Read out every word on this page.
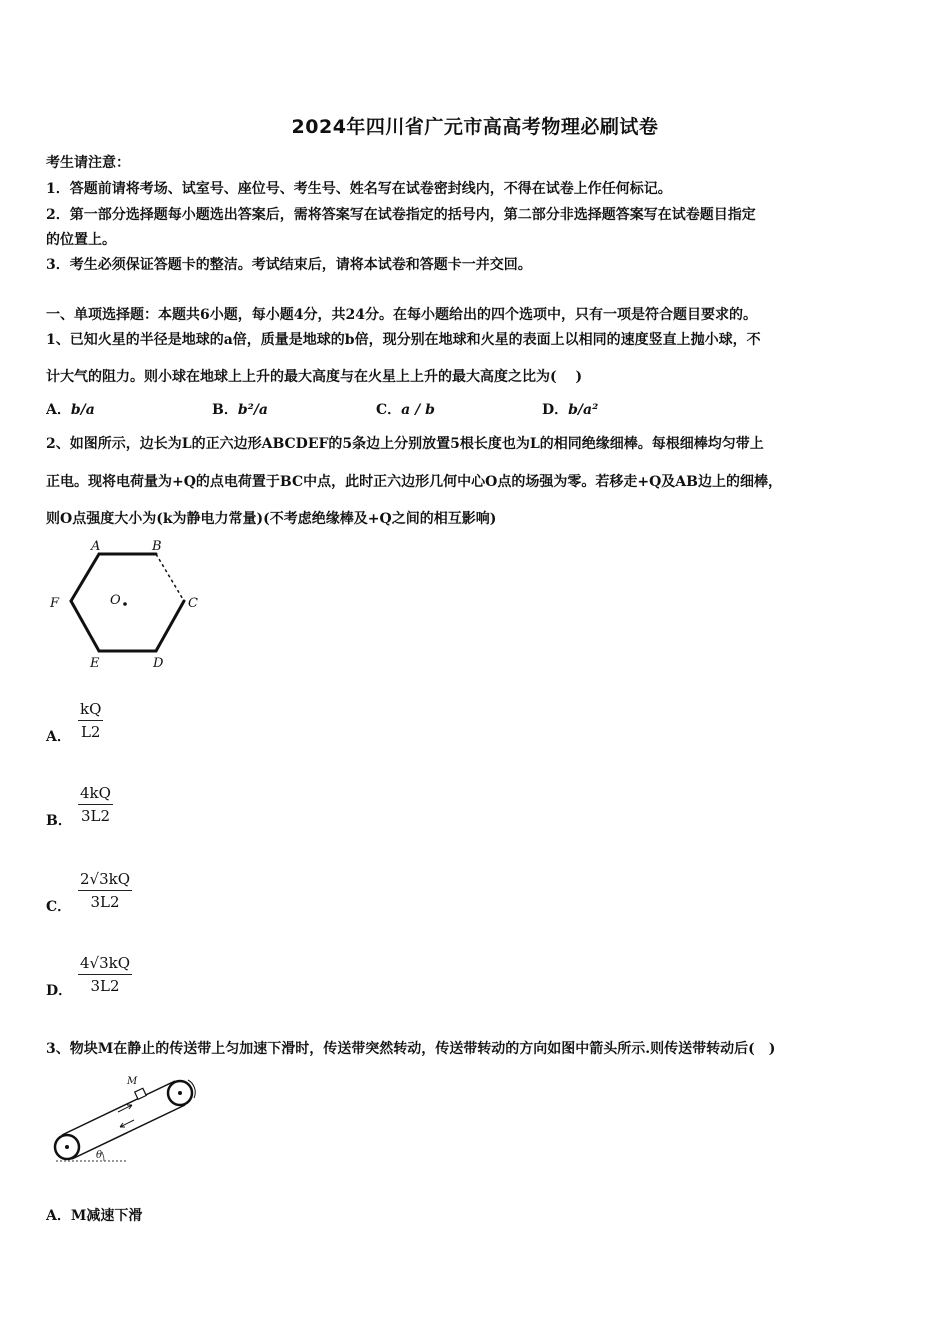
2024年四川省广元市高高考物理必刷试卷
考生请注意：
1．答题前请将考场、试室号、座位号、考生号、姓名写在试卷密封线内，不得在试卷上作任何标记。
2．第一部分选择题每小题选出答案后，需将答案写在试卷指定的括号内，第二部分非选择题答案写在试卷题目指定
的位置上。
3．考生必须保证答题卡的整洁。考试结束后，请将本试卷和答题卡一并交回。
一、单项选择题：本题共6小题，每小题4分，共24分。在每小题给出的四个选项中，只有一项是符合题目要求的。
1、已知火星的半径是地球的a倍，质量是地球的b倍，现分别在地球和火星的表面上以相同的速度竖直上抛小球，不
计大气的阻力。则小球在地球上上升的最大高度与在火星上上升的最大高度之比为(　 )
A．b/a	B．b²/a	C．a / b	D．b/a²
2、如图所示，边长为L的正六边形ABCDEF的5条边上分别放置5根长度也为L的相同绝缘细棒。每根细棒均匀带上
正电。现将电荷量为+Q的点电荷置于BC中点，此时正六边形几何中心O点的场强为零。若移走+Q及AB边上的细棒，
则O点强度大小为(k为静电力常量)(不考虑绝缘棒及+Q之间的相互影响)
A	B
C
D
E
F	O
A． $\frac{kQ}{L2}$
B． $\frac{4kQ}{3L2}$
C． $\frac{2√3kQ}{3L2}$
D． $\frac{4√3kQ}{3L2}$
3、物块M在静止的传送带上匀加速下滑时，传送带突然转动，传送带转动的方向如图中箭头所示.则传送带转动后(　)
M
θ
A．M减速下滑
